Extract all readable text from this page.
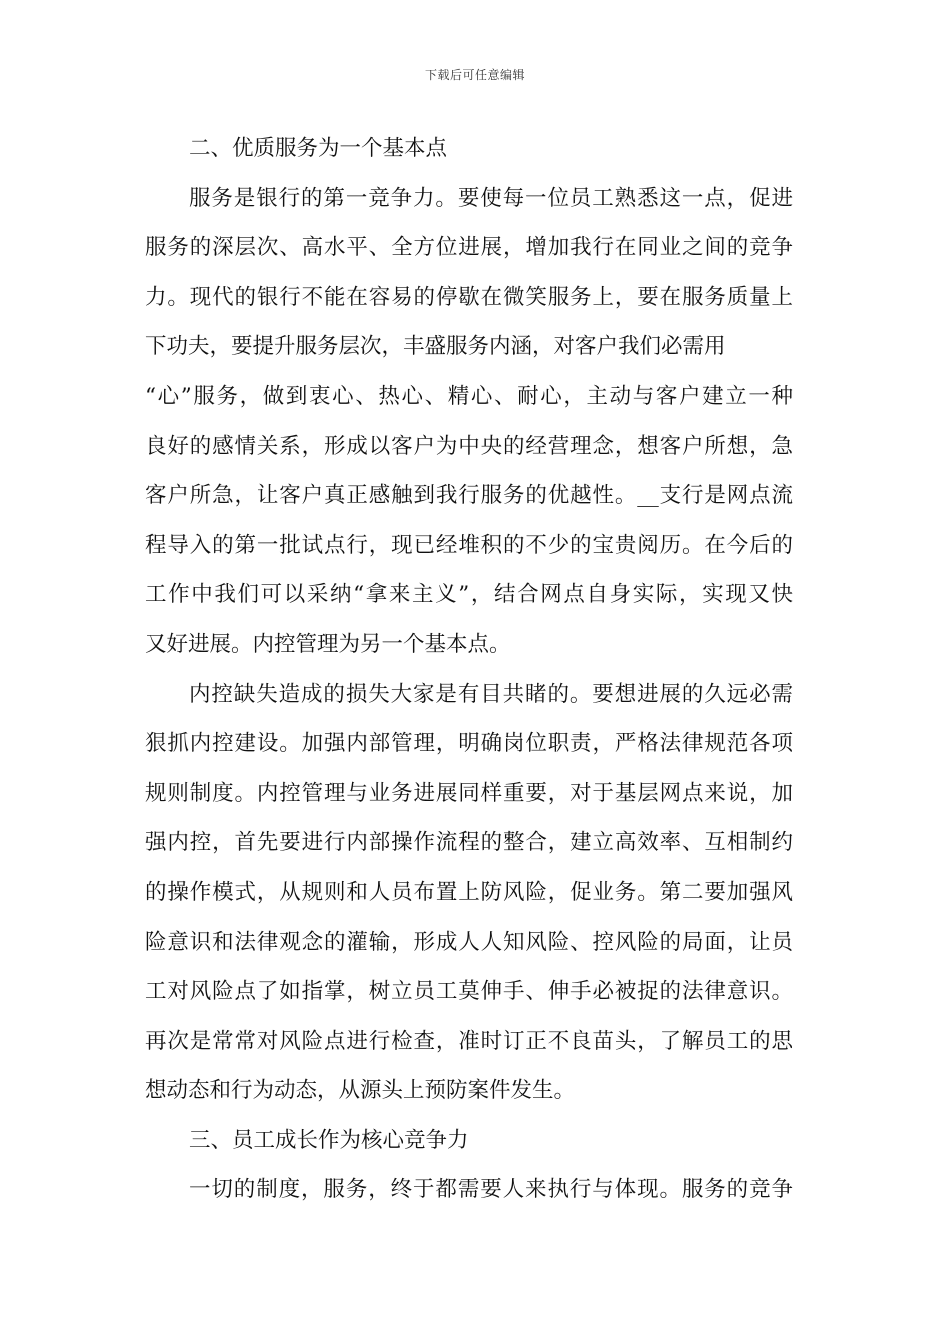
下载后可任意编辑
二、优质服务为一个基本点
服务是银行的第一竞争力。要使每一位员工熟悉这一点，促进
服务的深层次、高水平、全方位进展，增加我行在同业之间的竞争
力。现代的银行不能在容易的停歇在微笑服务上，要在服务质量上
下功夫，要提升服务层次，丰盛服务内涵，对客户我们必需用
“心”服务，做到衷心、热心、精心、耐心，主动与客户建立一种
良好的感情关系，形成以客户为中央的经营理念，想客户所想，急
客户所急，让客户真正感触到我行服务的优越性。__支行是网点流
程导入的第一批试点行，现已经堆积的不少的宝贵阅历。在今后的
工作中我们可以采纳“拿来主义”，结合网点自身实际，实现又快
又好进展。内控管理为另一个基本点。
内控缺失造成的损失大家是有目共睹的。要想进展的久远必需
狠抓内控建设。加强内部管理，明确岗位职责，严格法律规范各项
规则制度。内控管理与业务进展同样重要，对于基层网点来说，加
强内控，首先要进行内部操作流程的整合，建立高效率、互相制约
的操作模式，从规则和人员布置上防风险，促业务。第二要加强风
险意识和法律观念的灌输，形成人人知风险、控风险的局面，让员
工对风险点了如指掌，树立员工莫伸手、伸手必被捉的法律意识。
再次是常常对风险点进行检查，准时订正不良苗头，了解员工的思
想动态和行为动态，从源头上预防案件发生。
三、员工成长作为核心竞争力
一切的制度，服务，终于都需要人来执行与体现。服务的竞争
